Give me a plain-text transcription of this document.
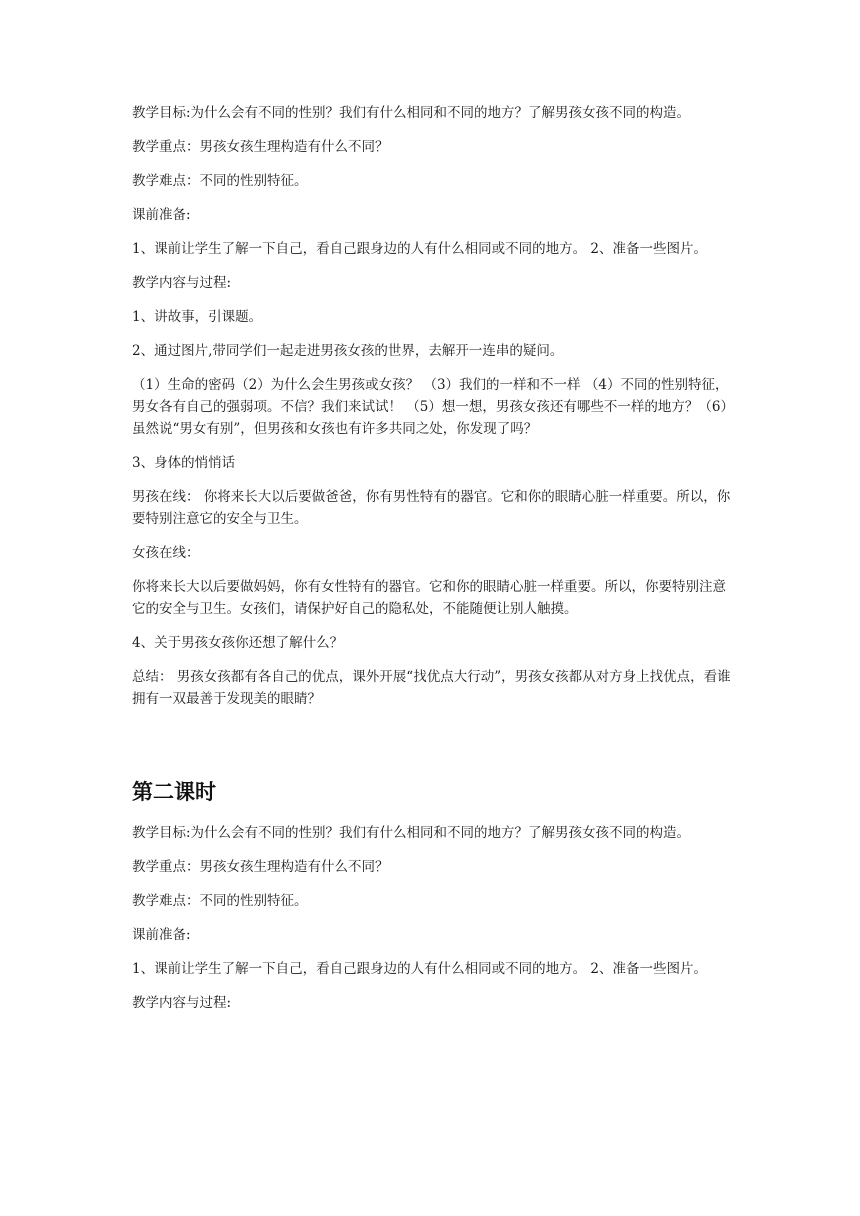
教学目标:为什么会有不同的性别？我们有什么相同和不同的地方？了解男孩女孩不同的构造。

教学重点：男孩女孩生理构造有什么不同？

教学难点：不同的性别特征。

课前准备:

1、课前让学生了解一下自己，看自己跟身边的人有什么相同或不同的地方。 2、准备一些图片。

教学内容与过程:

1、讲故事，引课题。

2、通过图片,带同学们一起走进男孩女孩的世界，去解开一连串的疑问。

（1）生命的密码（2）为什么会生男孩或女孩？ （3）我们的一样和不一样 （4）不同的性别特征，男女各有自己的强弱项。不信？我们来试试！ （5）想一想，男孩女孩还有哪些不一样的地方？（6）虽然说“男女有别”，但男孩和女孩也有许多共同之处，你发现了吗？

3、身体的悄悄话

男孩在线： 你将来长大以后要做爸爸，你有男性特有的器官。它和你的眼睛心脏一样重要。所以，你要特别注意它的安全与卫生。

女孩在线：

你将来长大以后要做妈妈，你有女性特有的器官。它和你的眼睛心脏一样重要。所以，你要特别注意它的安全与卫生。女孩们，请保护好自己的隐私处，不能随便让别人触摸。

4、关于男孩女孩你还想了解什么？

总结： 男孩女孩都有各自己的优点，课外开展“找优点大行动”，男孩女孩都从对方身上找优点，看谁拥有一双最善于发现美的眼睛？

第二课时

教学目标:为什么会有不同的性别？我们有什么相同和不同的地方？了解男孩女孩不同的构造。

教学重点：男孩女孩生理构造有什么不同？

教学难点：不同的性别特征。

课前准备:

1、课前让学生了解一下自己，看自己跟身边的人有什么相同或不同的地方。 2、准备一些图片。

教学内容与过程:
